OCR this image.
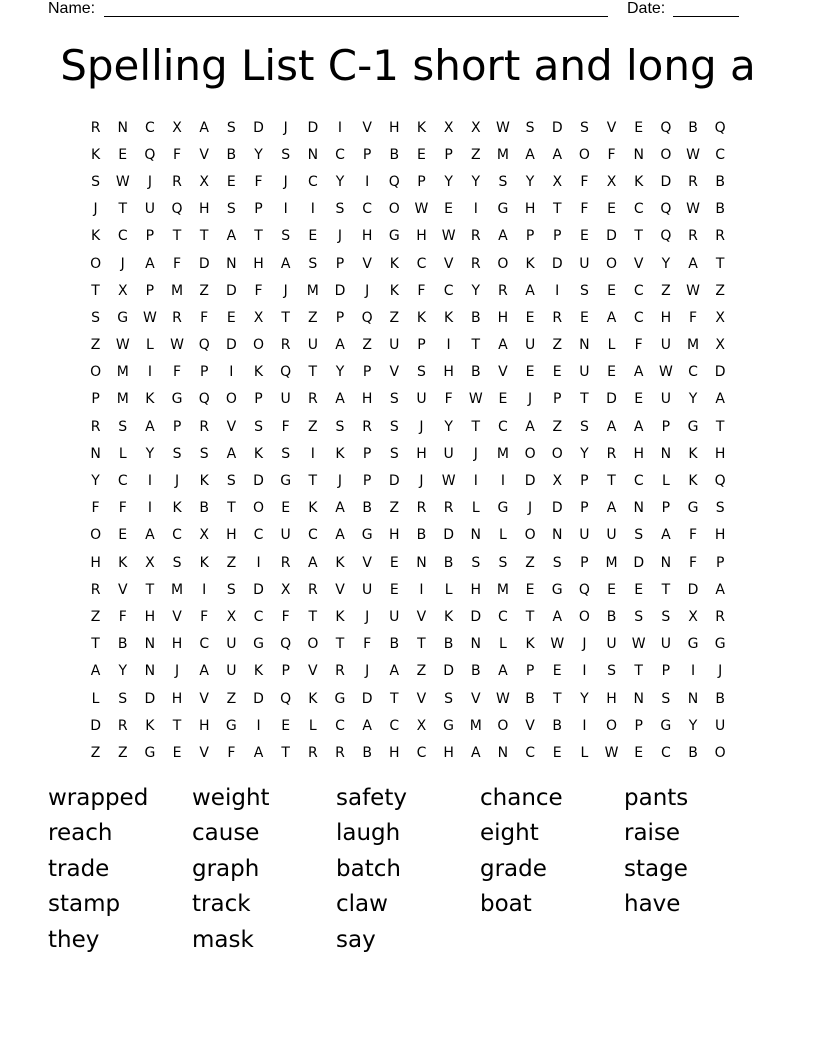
Name:	Date:
Spelling List C-1 short and long a
R	N	C	X	A	S	D	J	D	I	V	H	K	X	X	W	S	D	S	V	E	Q	B	Q
K	E	Q	F	V	B	Y	S	N	C	P	B	E	P	Z	M	A	A	O	F	N	O	W	C
S	W	J	R	X	E	F	J	C	Y	I	Q	P	Y	Y	S	Y	X	F	X	K	D	R	B
J	T	U	Q	H	S	P	I	I	S	C	O	W	E	I	G	H	T	F	E	C	Q	W	B
K	C	P	T	T	A	T	S	E	J	H	G	H	W	R	A	P	P	E	D	T	Q	R	R
O	J	A	F	D	N	H	A	S	P	V	K	C	V	R	O	K	D	U	O	V	Y	A	T
T	X	P	M	Z	D	F	J	M	D	J	K	F	C	Y	R	A	I	S	E	C	Z	W	Z
S	G	W	R	F	E	X	T	Z	P	Q	Z	K	K	B	H	E	R	E	A	C	H	F	X
Z	W	L	W	Q	D	O	R	U	A	Z	U	P	I	T	A	U	Z	N	L	F	U	M	X
O	M	I	F	P	I	K	Q	T	Y	P	V	S	H	B	V	E	E	U	E	A	W	C	D
P	M	K	G	Q	O	P	U	R	A	H	S	U	F	W	E	J	P	T	D	E	U	Y	A
R	S	A	P	R	V	S	F	Z	S	R	S	J	Y	T	C	A	Z	S	A	A	P	G	T
N	L	Y	S	S	A	K	S	I	K	P	S	H	U	J	M	O	O	Y	R	H	N	K	H
Y	C	I	J	K	S	D	G	T	J	P	D	J	W	I	I	D	X	P	T	C	L	K	Q
F	F	I	K	B	T	O	E	K	A	B	Z	R	R	L	G	J	D	P	A	N	P	G	S
O	E	A	C	X	H	C	U	C	A	G	H	B	D	N	L	O	N	U	U	S	A	F	H
H	K	X	S	K	Z	I	R	A	K	V	E	N	B	S	S	Z	S	P	M	D	N	F	P
R	V	T	M	I	S	D	X	R	V	U	E	I	L	H	M	E	G	Q	E	E	T	D	A
Z	F	H	V	F	X	C	F	T	K	J	U	V	K	D	C	T	A	O	B	S	S	X	R
T	B	N	H	C	U	G	Q	O	T	F	B	T	B	N	L	K	W	J	U	W	U	G	G
A	Y	N	J	A	U	K	P	V	R	J	A	Z	D	B	A	P	E	I	S	T	P	I	J
L	S	D	H	V	Z	D	Q	K	G	D	T	V	S	V	W	B	T	Y	H	N	S	N	B
D	R	K	T	H	G	I	E	L	C	A	C	X	G	M	O	V	B	I	O	P	G	Y	U
Z	Z	G	E	V	F	A	T	R	R	B	H	C	H	A	N	C	E	L	W	E	C	B	O
wrapped	weight	safety	chance	pants
reach	cause	laugh	eight	raise
trade	graph	batch	grade	stage
stamp	track	claw	boat	have
they	mask	say
